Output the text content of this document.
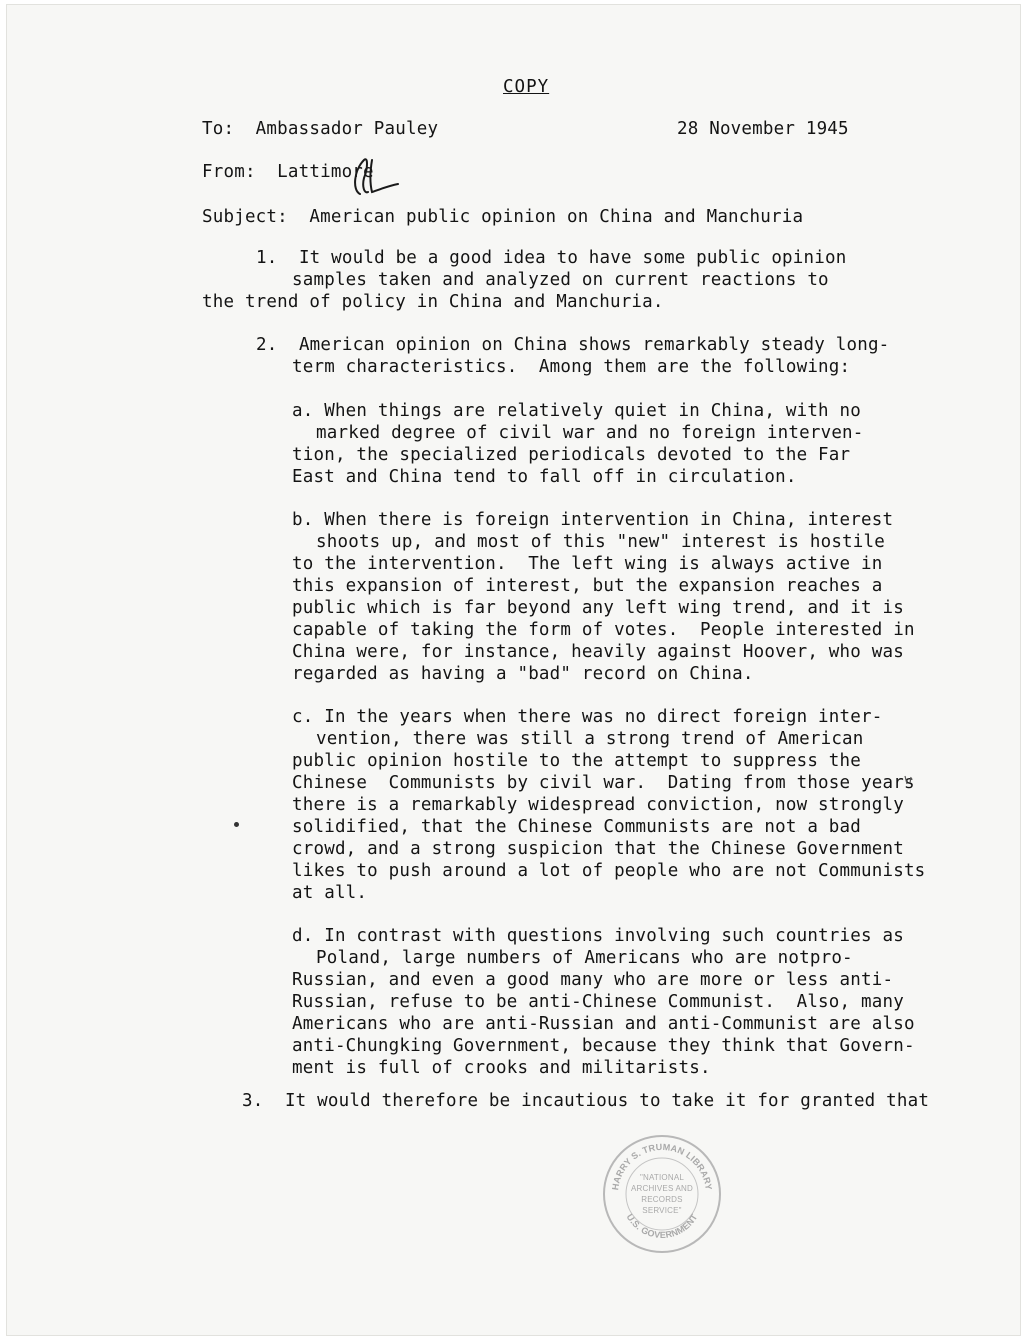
COPY
To:  Ambassador Pauley	28 November 1945
From:  Lattimore
Subject:  American public opinion on China and Manchuria
1.  It would be a good idea to have some public opinion
samples taken and analyzed on current reactions to
the trend of policy in China and Manchuria.
2.  American opinion on China shows remarkably steady long-
term characteristics.  Among them are the following:
a. When things are relatively quiet in China, with no
marked degree of civil war and no foreign interven-
tion, the specialized periodicals devoted to the Far
East and China tend to fall off in circulation.
b. When there is foreign intervention in China, interest
shoots up, and most of this "new" interest is hostile
to the intervention.  The left wing is always active in
this expansion of interest, but the expansion reaches a
public which is far beyond any left wing trend, and it is
capable of taking the form of votes.  People interested in
China were, for instance, heavily against Hoover, who was
regarded as having a "bad" record on China.
c. In the years when there was no direct foreign inter-
vention, there was still a strong trend of American
public opinion hostile to the attempt to suppress the
Chinese  Communists by civil war.  Dating from those years
there is a remarkably widespread conviction, now strongly
solidified, that the Chinese Communists are not a bad
crowd, and a strong suspicion that the Chinese Government
likes to push around a lot of people who are not Communists
at all.
d. In contrast with questions involving such countries as
Poland, large numbers of Americans who are notpro-
Russian, and even a good many who are more or less anti-
Russian, refuse to be anti-Chinese Communist.  Also, many
Americans who are anti-Russian and anti-Communist are also
anti-Chungking Government, because they think that Govern-
ment is full of crooks and militarists.
3.  It would therefore be incautious to take it for granted that
HARRY S. TRUMAN LIBRARY
U.S. GOVERNMENT
"NATIONAL
ARCHIVES AND
RECORDS
SERVICE"
